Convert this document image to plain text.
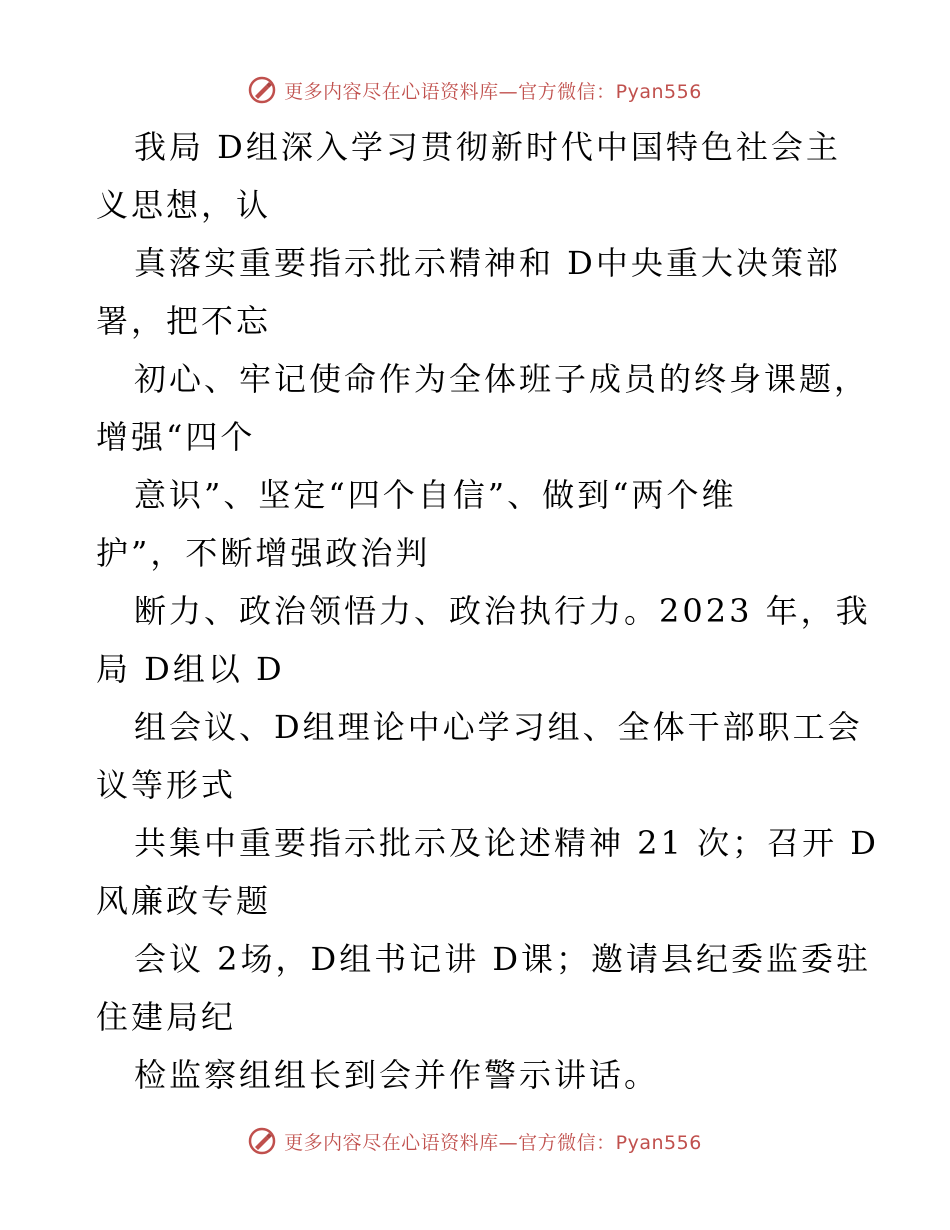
更多内容尽在心语资料库—官方微信：Pyan556
我局 D组深入学习贯彻新时代中国特色社会主
义思想，认
真落实重要指示批示精神和 D中央重大决策部
署，把不忘
初心、牢记使命作为全体班子成员的终身课题，
增强“四个
意识”、坚定“四个自信”、做到“两个维
护”，不断增强政治判
断力、政治领悟力、政治执行力。2023 年，我
局 D组以 D
组会议、D组理论中心学习组、全体干部职工会
议等形式
共集中重要指示批示及论述精神 21 次；召开 D
风廉政专题
会议 2场，D组书记讲 D课；邀请县纪委监委驻
住建局纪
检监察组组长到会并作警示讲话。
更多内容尽在心语资料库—官方微信：Pyan556
